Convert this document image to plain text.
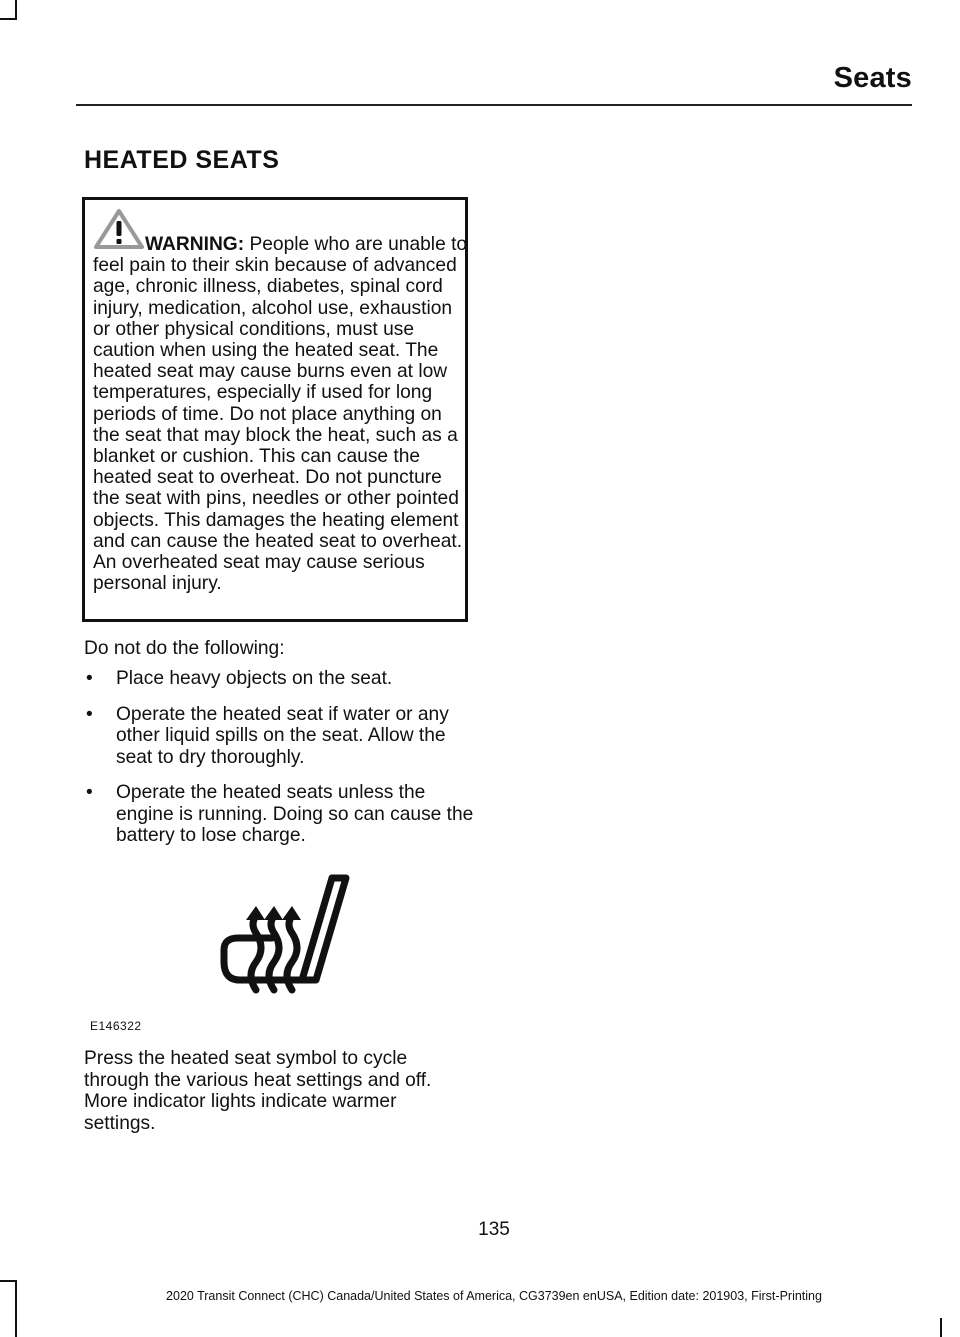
Seats
HEATED SEATS
WARNING: People who are unable to feel pain to their skin because of advanced age, chronic illness, diabetes, spinal cord injury, medication, alcohol use, exhaustion or other physical conditions, must use caution when using the heated seat. The heated seat may cause burns even at low temperatures, especially if used for long periods of time. Do not place anything on the seat that may block the heat, such as a blanket or cushion. This can cause the heated seat to overheat. Do not puncture the seat with pins, needles or other pointed objects. This damages the heating element and can cause the heated seat to overheat. An overheated seat may cause serious personal injury.
Do not do the following:
• Place heavy objects on the seat.
• Operate the heated seat if water or any other liquid spills on the seat. Allow the seat to dry thoroughly.
• Operate the heated seats unless the engine is running. Doing so can cause the battery to lose charge.
E146322
Press the heated seat symbol to cycle through the various heat settings and off. More indicator lights indicate warmer settings.
135
2020 Transit Connect (CHC) Canada/United States of America, CG3739en enUSA, Edition date: 201903, First-Printing
